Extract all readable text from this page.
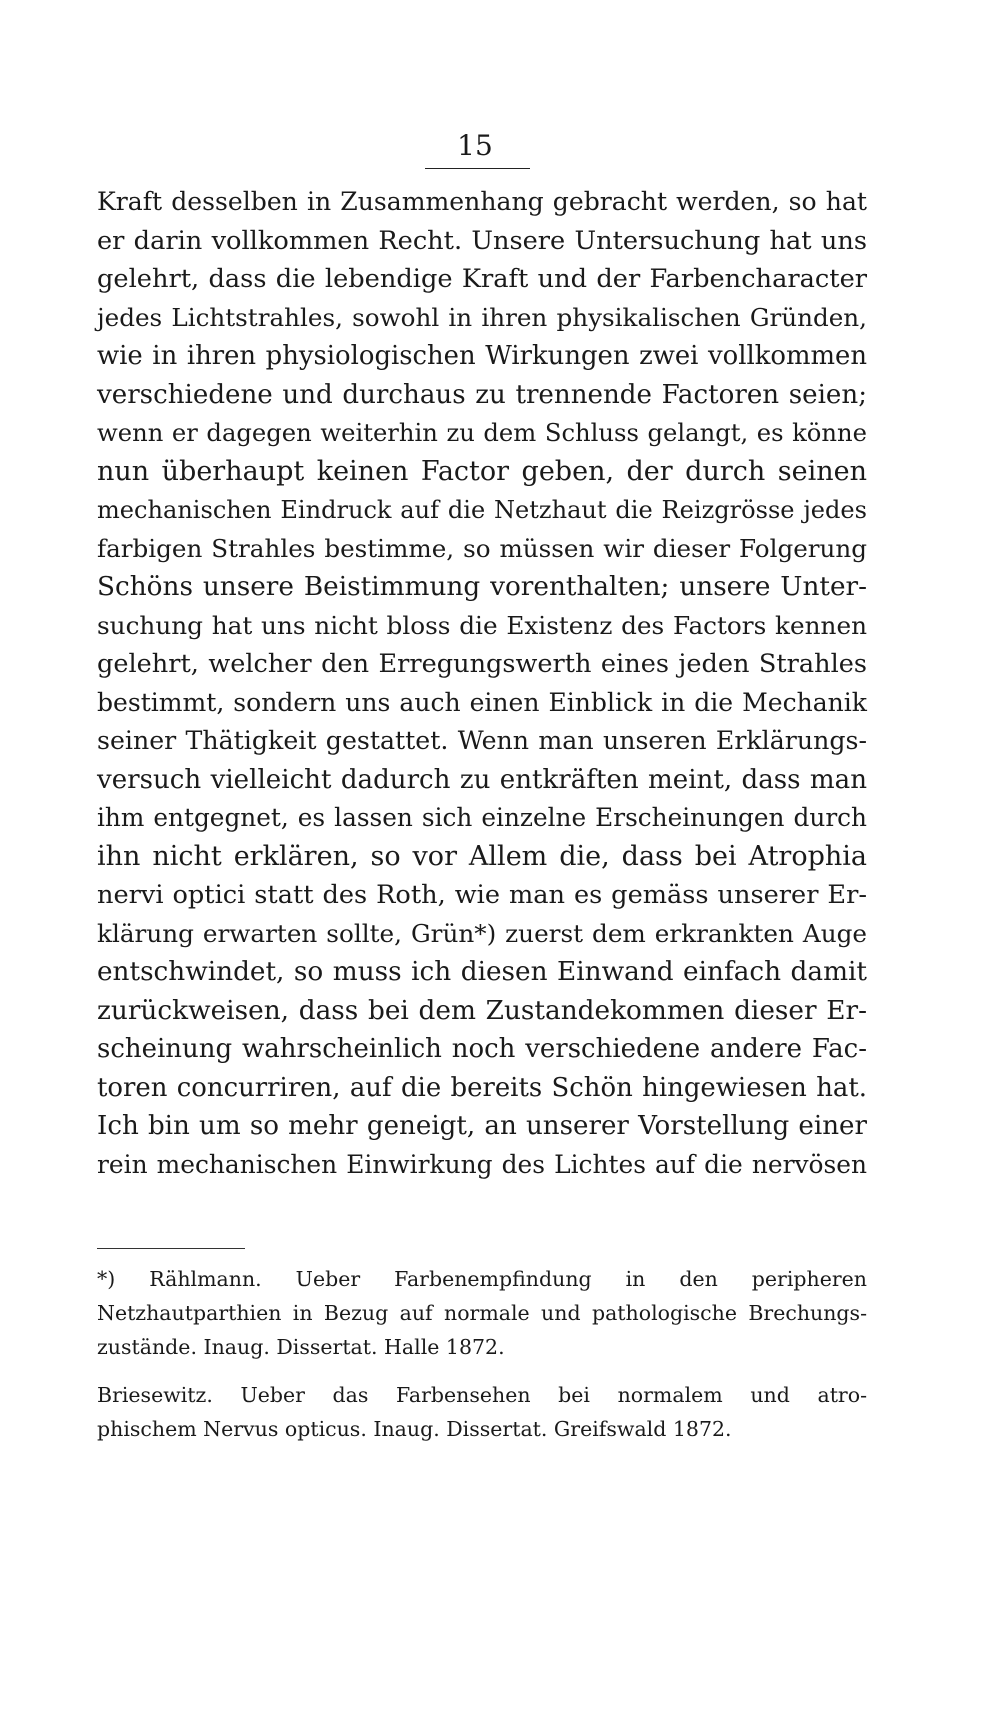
15
Kraft desselben in Zusammenhang gebracht werden, so hat
er darin vollkommen Recht. Unsere Untersuchung hat uns
gelehrt, dass die lebendige Kraft und der Farbencharacter
jedes Lichtstrahles, sowohl in ihren physikalischen Gründen,
wie in ihren physiologischen Wirkungen zwei vollkommen
verschiedene und durchaus zu trennende Factoren seien;
wenn er dagegen weiterhin zu dem Schluss gelangt, es könne
nun überhaupt keinen Factor geben, der durch seinen
mechanischen Eindruck auf die Netzhaut die Reizgrösse jedes
farbigen Strahles bestimme, so müssen wir dieser Folgerung
Schöns unsere Beistimmung vorenthalten; unsere Unter-
suchung hat uns nicht bloss die Existenz des Factors kennen
gelehrt, welcher den Erregungswerth eines jeden Strahles
bestimmt, sondern uns auch einen Einblick in die Mechanik
seiner Thätigkeit gestattet. Wenn man unseren Erklärungs-
versuch vielleicht dadurch zu entkräften meint, dass man
ihm entgegnet, es lassen sich einzelne Erscheinungen durch
ihn nicht erklären, so vor Allem die, dass bei Atrophia
nervi optici statt des Roth, wie man es gemäss unserer Er-
klärung erwarten sollte, Grün*) zuerst dem erkrankten Auge
entschwindet, so muss ich diesen Einwand einfach damit
zurückweisen, dass bei dem Zustandekommen dieser Er-
scheinung wahrscheinlich noch verschiedene andere Fac-
toren concurriren, auf die bereits Schön hingewiesen hat.
Ich bin um so mehr geneigt, an unserer Vorstellung einer
rein mechanischen Einwirkung des Lichtes auf die nervösen
*) Rählmann. Ueber Farbenempfindung in den peripheren
Netzhautparthien in Bezug auf normale und pathologische Brechungs-
zustände. Inaug. Dissertat. Halle 1872.
Briesewitz. Ueber das Farbensehen bei normalem und atro-
phischem Nervus opticus. Inaug. Dissertat. Greifswald 1872.
